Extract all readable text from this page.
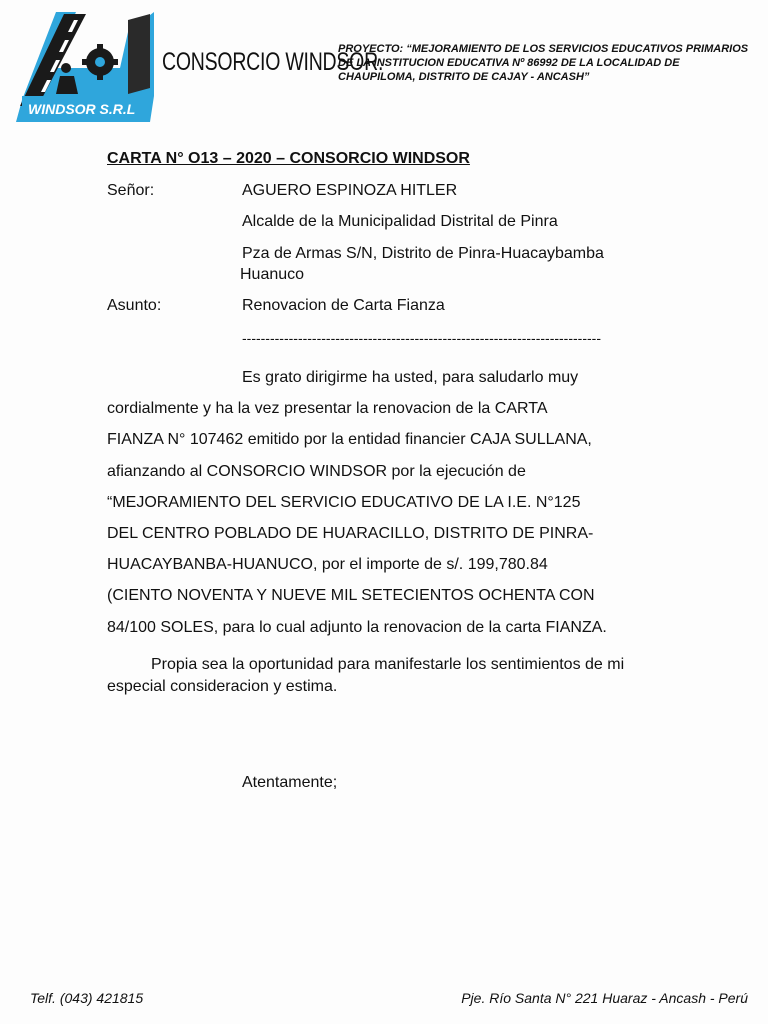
WINDSOR S.R.L
CONSORCIO WINDSOR.
PROYECTO: “MEJORAMIENTO DE LOS SERVICIOS EDUCATIVOS PRIMARIOS DE LA INSTITUCION EDUCATIVA Nº 86992 DE LA LOCALIDAD DE CHAUPILOMA, DISTRITO DE CAJAY - ANCASH”
CARTA N° O13 – 2020 – CONSORCIO WINDSOR
Señor:	AGUERO ESPINOZA HITLER
Alcalde de la Municipalidad Distrital de Pinra
Pza de Armas S/N, Distrito de Pinra-Huacaybamba
Huanuco
Asunto:	Renovacion de Carta Fianza
-----------------------------------------------------------------------------

Es grato dirigirme ha usted, para saludarlo muy

cordialmente y ha la vez presentar la renovacion de la CARTA

FIANZA N° 107462 emitido por la entidad financier CAJA SULLANA,

afianzando al CONSORCIO WINDSOR por la ejecución de

“MEJORAMIENTO DEL SERVICIO EDUCATIVO DE LA I.E. N°125

DEL CENTRO POBLADO DE HUARACILLO, DISTRITO DE PINRA-

HUACAYBANBA-HUANUCO, por el importe de s/. 199,780.84

(CIENTO NOVENTA Y NUEVE MIL SETECIENTOS OCHENTA CON

84/100 SOLES, para lo cual adjunto la renovacion de la carta FIANZA.

Propia sea la oportunidad para manifestarle los sentimientos de mi especial consideracion y estima.

Atentamente;
Telf. (043) 421815	Pje. Río Santa N° 221 Huaraz - Ancash - Perú
